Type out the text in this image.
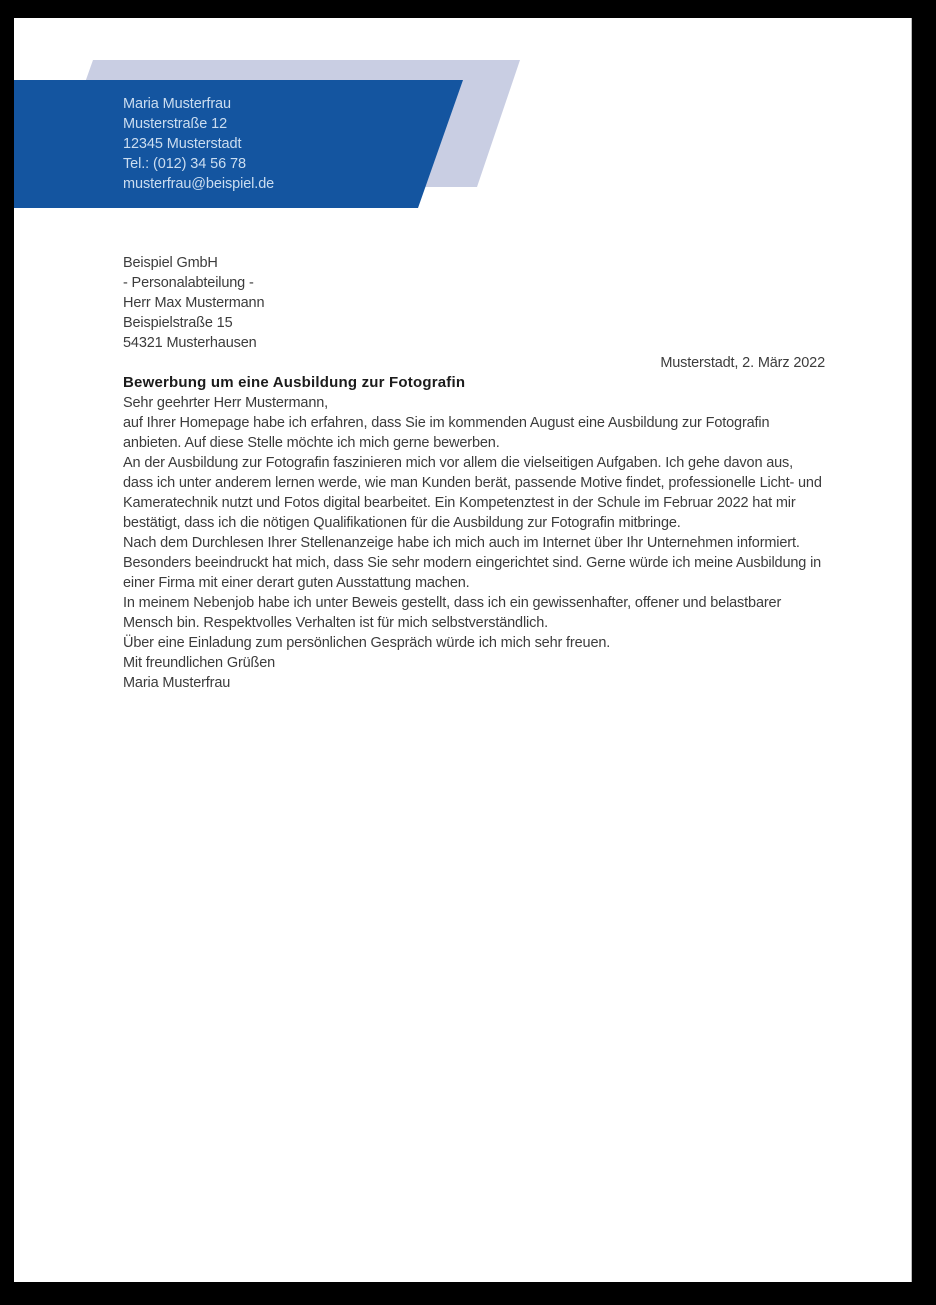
Maria Musterfrau
Musterstraße 12
12345 Musterstadt
Tel.: (012) 34 56 78
musterfrau@beispiel.de
Beispiel GmbH
- Personalabteilung -
Herr Max Mustermann
Beispielstraße 15
54321 Musterhausen
Musterstadt, 2. März 2022
Bewerbung um eine Ausbildung zur Fotografin

Sehr geehrter Herr Mustermann,

auf Ihrer Homepage habe ich erfahren, dass Sie im kommenden August eine Ausbildung zur Fotografin anbieten. Auf diese Stelle möchte ich mich gerne bewerben.

An der Ausbildung zur Fotografin faszinieren mich vor allem die vielseitigen Aufgaben. Ich gehe davon aus, dass ich unter anderem lernen werde, wie man Kunden berät, passende Motive findet, professionelle Licht- und Kameratechnik nutzt und Fotos digital bearbeitet. Ein Kompetenztest in der Schule im Februar 2022 hat mir bestätigt, dass ich die nötigen Qualifikationen für die Ausbildung zur Fotografin mitbringe.

Nach dem Durchlesen Ihrer Stellenanzeige habe ich mich auch im Internet über Ihr Unternehmen informiert. Besonders beeindruckt hat mich, dass Sie sehr modern eingerichtet sind. Gerne würde ich meine Ausbildung in einer Firma mit einer derart guten Ausstattung machen.

In meinem Nebenjob habe ich unter Beweis gestellt, dass ich ein gewissenhafter, offener und belastbarer Mensch bin. Respektvolles Verhalten ist für mich selbstverständlich.

Über eine Einladung zum persönlichen Gespräch würde ich mich sehr freuen.

Mit freundlichen Grüßen

Maria Musterfrau
